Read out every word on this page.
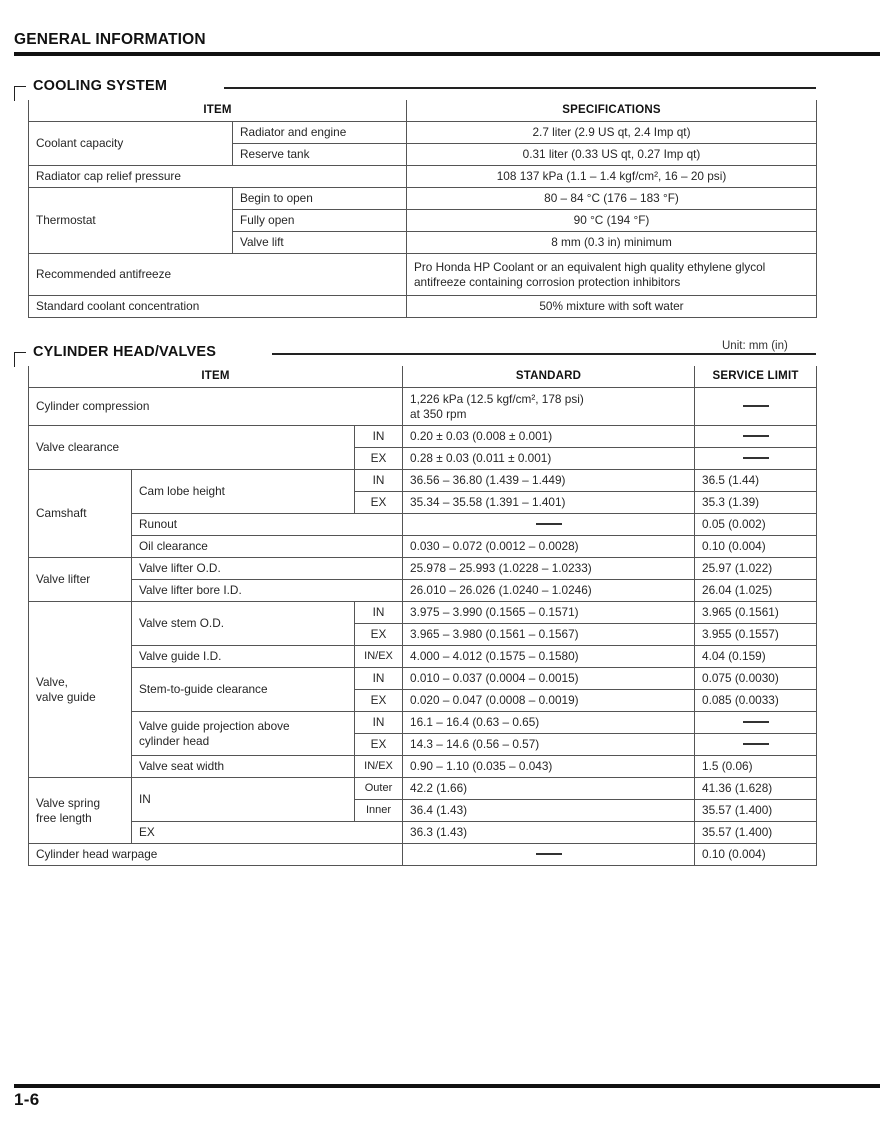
GENERAL INFORMATION
COOLING SYSTEM
ITEM		SPECIFICATIONS
Coolant capacity	Radiator and engine	2.7 liter (2.9 US qt, 2.4 Imp qt)
	Reserve tank	0.31 liter (0.33 US qt, 0.27 Imp qt)
Radiator cap relief pressure		108 137 kPa (1.1 – 1.4 kgf/cm², 16 – 20 psi)
Thermostat	Begin to open	80 – 84 °C (176 – 183 °F)
	Fully open	90 °C (194 °F)
	Valve lift	8 mm (0.3 in) minimum
Recommended antifreeze		Pro Honda HP Coolant or an equivalent high quality ethylene glycol antifreeze containing corrosion protection inhibitors
Standard coolant concentration		50% mixture with soft water
Unit: mm (in)
CYLINDER HEAD/VALVES
ITEM			STANDARD	SERVICE LIMIT
Cylinder compression			1,226 kPa (12.5 kgf/cm², 178 psi)
at 350 rpm	
Valve clearance		IN	0.20 ± 0.03 (0.008 ± 0.001)	
		EX	0.28 ± 0.03 (0.011 ± 0.001)	
Camshaft	Cam lobe height	IN	36.56 – 36.80 (1.439 – 1.449)	36.5 (1.44)
		EX	35.34 – 35.58 (1.391 – 1.401)	35.3 (1.39)
	Runout			0.05 (0.002)
	Oil clearance		0.030 – 0.072 (0.0012 – 0.0028)	0.10 (0.004)
Valve lifter	Valve lifter O.D.		25.978 – 25.993 (1.0228 – 1.0233)	25.97 (1.022)
	Valve lifter bore I.D.		26.010 – 26.026 (1.0240 – 1.0246)	26.04 (1.025)
Valve,
valve guide	Valve stem O.D.	IN	3.975 – 3.990 (0.1565 – 0.1571)	3.965 (0.1561)
		EX	3.965 – 3.980 (0.1561 – 0.1567)	3.955 (0.1557)
	Valve guide I.D.	IN/EX	4.000 – 4.012 (0.1575 – 0.1580)	4.04 (0.159)
	Stem-to-guide clearance	IN	0.010 – 0.037 (0.0004 – 0.0015)	0.075 (0.0030)
		EX	0.020 – 0.047 (0.0008 – 0.0019)	0.085 (0.0033)
	Valve guide projection above
cylinder head	IN	16.1 – 16.4 (0.63 – 0.65)	
		EX	14.3 – 14.6 (0.56 – 0.57)	
	Valve seat width	IN/EX	0.90 – 1.10 (0.035 – 0.043)	1.5 (0.06)
Valve spring
free length	IN	Outer	42.2 (1.66)	41.36 (1.628)
		Inner	36.4 (1.43)	35.57 (1.400)
	EX		36.3 (1.43)	35.57 (1.400)
Cylinder head warpage				0.10 (0.004)
1-6
